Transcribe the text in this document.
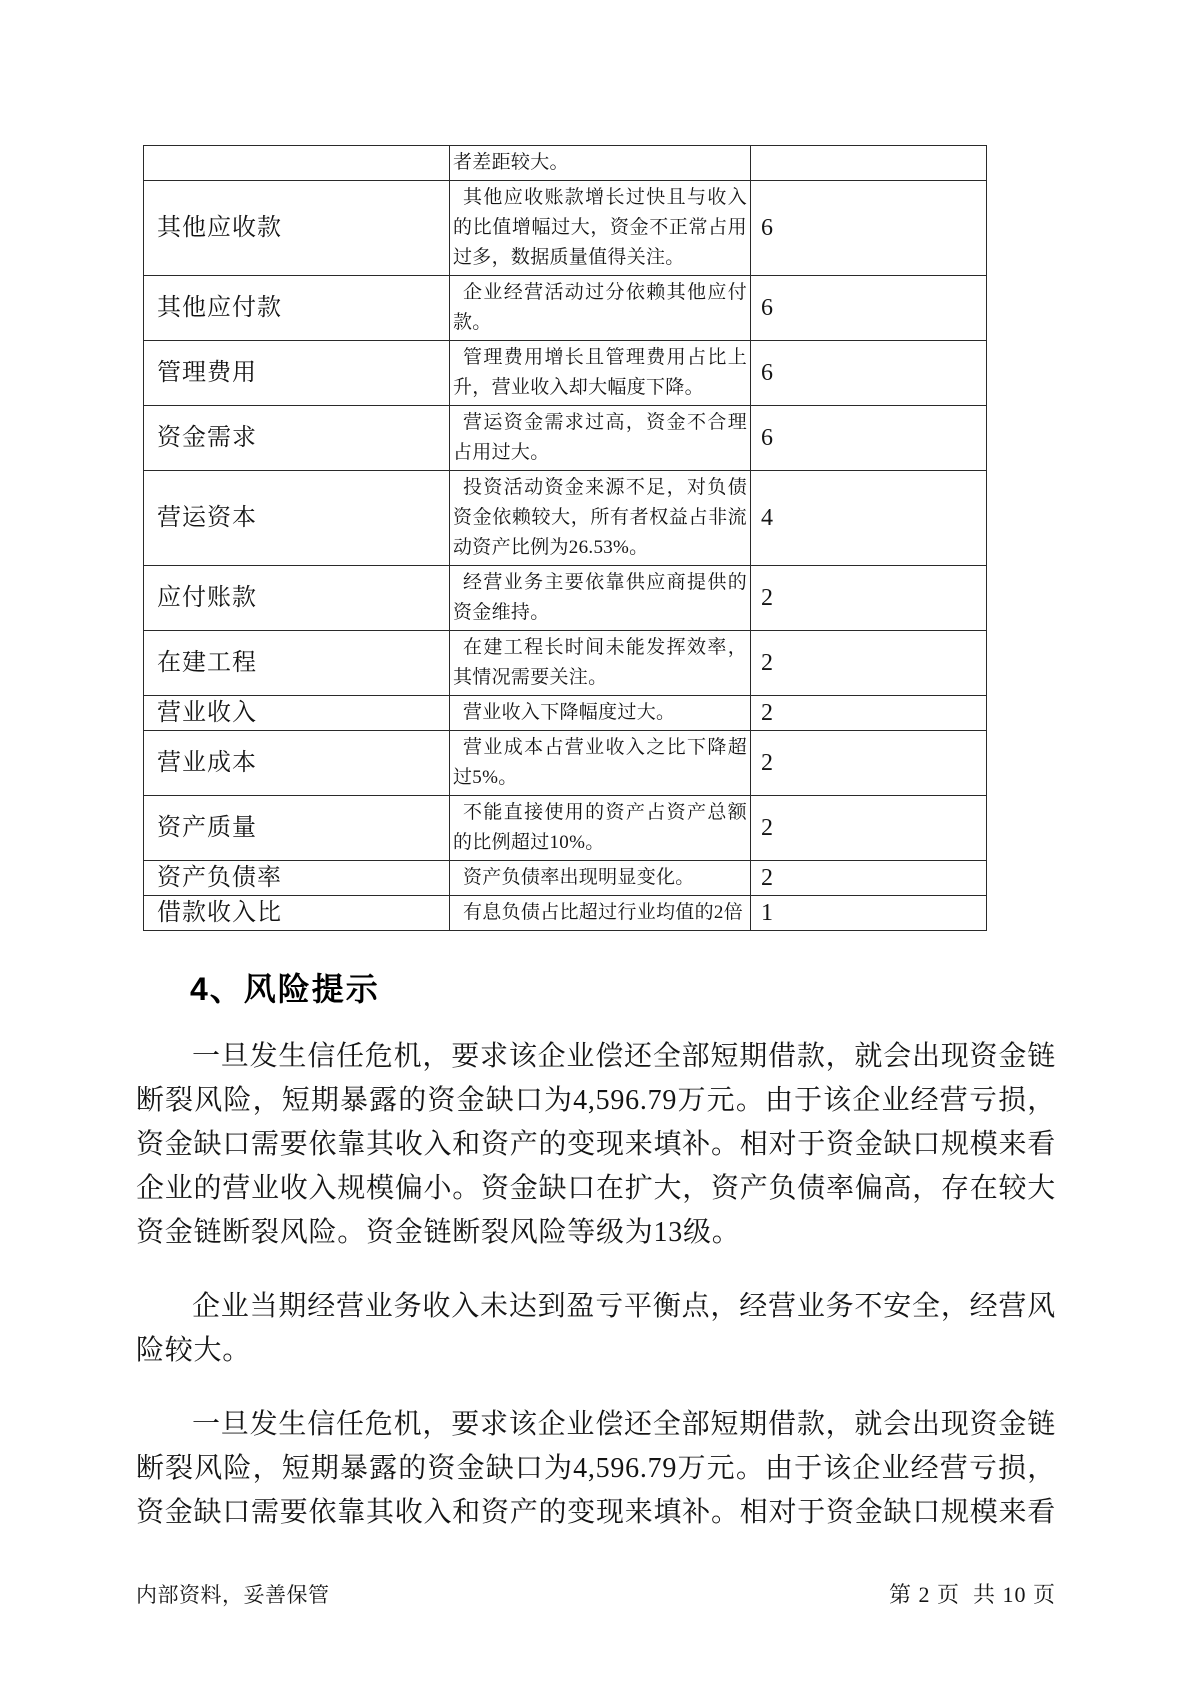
	者差距较大。	
其他应收款	其他应收账款增长过快且与收入的比值增幅过大，资金不正常占用过多，数据质量值得关注。	6
其他应付款	企业经营活动过分依赖其他应付款。	6
管理费用	管理费用增长且管理费用占比上升，营业收入却大幅度下降。	6
资金需求	营运资金需求过高，资金不合理占用过大。	6
营运资本	投资活动资金来源不足，对负债资金依赖较大，所有者权益占非流动资产比例为26.53%。	4
应付账款	经营业务主要依靠供应商提供的资金维持。	2
在建工程	在建工程长时间未能发挥效率，其情况需要关注。	2
营业收入	营业收入下降幅度过大。	2
营业成本	营业成本占营业收入之比下降超过5%。	2
资产质量	不能直接使用的资产占资产总额的比例超过10%。	2
资产负债率	资产负债率出现明显变化。	2
借款收入比	有息负债占比超过行业均值的2倍	1
4、风险提示

一旦发生信任危机，要求该企业偿还全部短期借款，就会出现资金链断裂风险，短期暴露的资金缺口为4,596.79万元。由于该企业经营亏损，资金缺口需要依靠其收入和资产的变现来填补。相对于资金缺口规模来看企业的营业收入规模偏小。资金缺口在扩大，资产负债率偏高，存在较大资金链断裂风险。资金链断裂风险等级为13级。

企业当期经营业务收入未达到盈亏平衡点，经营业务不安全，经营风险较大。

一旦发生信任危机，要求该企业偿还全部短期借款，就会出现资金链断裂风险，短期暴露的资金缺口为4,596.79万元。由于该企业经营亏损，资金缺口需要依靠其收入和资产的变现来填补。相对于资金缺口规模来看

内部资料，妥善保管	第 2 页  共 10 页
